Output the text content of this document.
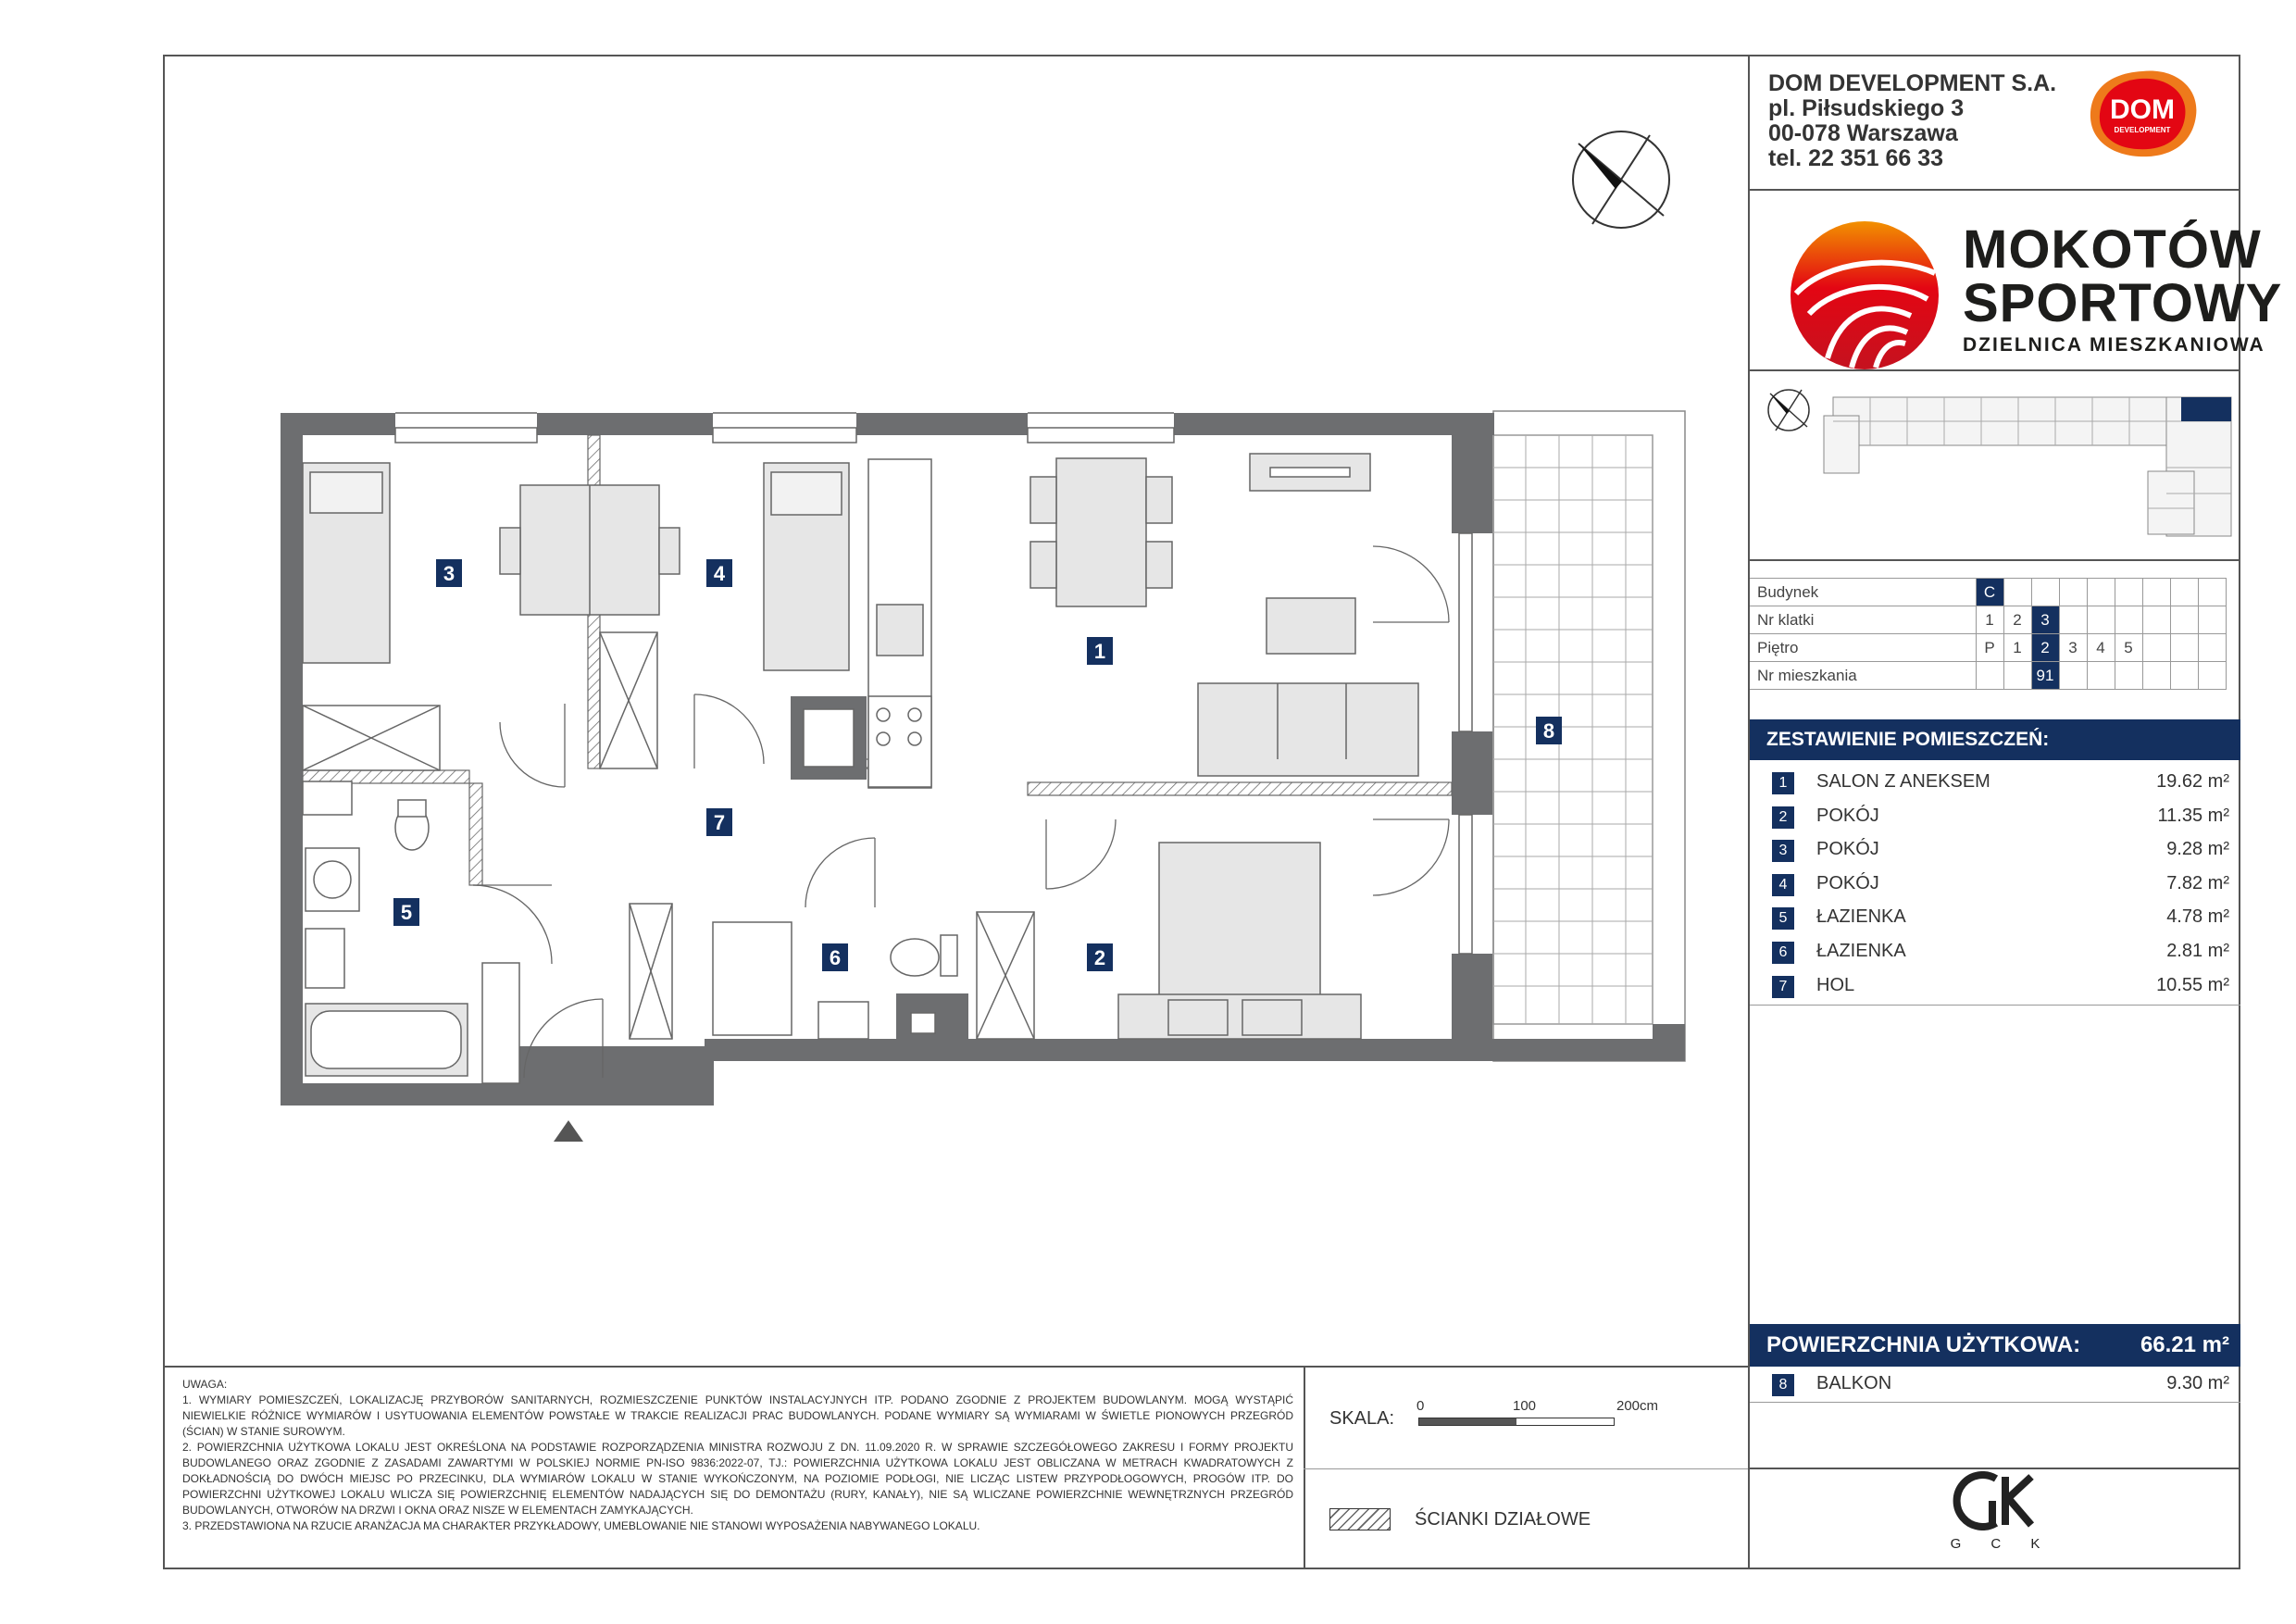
3	4
1
8
7
5
6	2

UWAGA:

1. WYMIARY POMIESZCZEŃ, LOKALIZACJĘ PRZYBORÓW SANITARNYCH, ROZMIESZCZENIE PUNKTÓW INSTALACYJNYCH ITP. PODANO ZGODNIE Z PROJEKTEM BUDOWLANYM. MOGĄ WYSTĄPIĆ NIEWIELKIE RÓŻNICE WYMIARÓW I USYTUOWANIA ELEMENTÓW POWSTAŁE W TRAKCIE REALIZACJI PRAC BUDOWLANYCH. PODANE WYMIARY SĄ WYMIARAMI W ŚWIETLE PIONOWYCH PRZEGRÓD (ŚCIAN) W STANIE SUROWYM.

2. POWIERZCHNIA UŻYTKOWA LOKALU JEST OKREŚLONA NA PODSTAWIE ROZPORZĄDZENIA MINISTRA ROZWOJU Z DN. 11.09.2020 R. W SPRAWIE SZCZEGÓŁOWEGO ZAKRESU I FORMY PROJEKTU BUDOWLANEGO ORAZ ZGODNIE Z ZASADAMI ZAWARTYMI W POLSKIEJ NORMIE PN-ISO 9836:2022-07, TJ.: POWIERZCHNIA UŻYTKOWA LOKALU JEST OBLICZANA W METRACH KWADRATOWYCH Z DOKŁADNOŚCIĄ DO DWÓCH MIEJSC PO PRZECINKU, DLA WYMIARÓW LOKALU W STANIE WYKOŃCZONYM, NA POZIOMIE PODŁOGI, NIE LICZĄC LISTEW PRZYPODŁOGOWYCH, PROGÓW ITP. DO POWIERZCHNI UŻYTKOWEJ LOKALU WLICZA SIĘ POWIERZCHNIĘ ELEMENTÓW NADAJĄCYCH SIĘ DO DEMONTAŻU (RURY, KANAŁY), NIE SĄ WLICZANE POWIERZCHNIE WEWNĘTRZNYCH PRZEGRÓD BUDOWLANYCH, OTWORÓW NA DRZWI I OKNA ORAZ NISZE W ELEMENTACH ZAMYKAJĄCYCH.

3. PRZEDSTAWIONA NA RZUCIE ARANŻACJA MA CHARAKTER PRZYKŁADOWY, UMEBLOWANIE NIE STANOWI WYPOSAŻENIA NABYWANEGO LOKALU.

SKALA:
0	100	200cm
ŚCIANKI DZIAŁOWE
DOM DEVELOPMENT S.A.
pl. Piłsudskiego 3
00-078 Warszawa
tel. 22 351 66 33
DOM
DEVELOPMENT
MOKOTÓW
SPORTOWY
DZIELNICA MIESZKANIOWA
Budynek	C								
Nr klatki	1	2	3						
Piętro	P	1	2	3	4	5			
Nr mieszkania			91						
ZESTAWIENIE POMIESZCZEŃ:
1	SALON Z ANEKSEM	19.62 m²
2	POKÓJ	11.35 m²
3	POKÓJ	9.28 m²
4	POKÓJ	7.82 m²
5	ŁAZIENKA	4.78 m²
6	ŁAZIENKA	2.81 m²
7	HOL	10.55 m²
POWIERZCHNIA UŻYTKOWA:	66.21 m²
8	BALKON	9.30 m²
G C K
